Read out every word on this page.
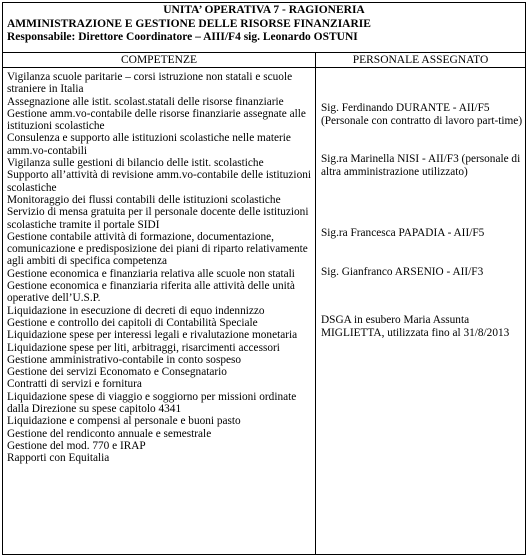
UNITA’ OPERATIVA 7 - RAGIONERIA
AMMINISTRAZIONE E GESTIONE DELLE RISORSE FINANZIARIE
Responsabile: Direttore Coordinatore – AIII/F4 sig. Leonardo OSTUNI
COMPETENZE	PERSONALE ASSEGNATO

Vigilanza scuole paritarie – corsi istruzione non statali e scuole straniere in Italia

Assegnazione alle istit. scolast.statali delle risorse finanziarie

Gestione amm.vo-contabile delle risorse finanziarie assegnate alle istituzioni scolastiche

Consulenza e supporto alle istituzioni scolastiche nelle materie amm.vo-contabili

Vigilanza sulle gestioni di bilancio delle istit. scolastiche

Supporto all’attività di revisione amm.vo-contabile delle istituzioni scolastiche

Monitoraggio dei flussi contabili delle istituzioni scolastiche

Servizio di mensa gratuita per il personale docente delle istituzioni scolastiche tramite il portale SIDI

Gestione contabile attività di formazione, documentazione, comunicazione e predisposizione dei piani di riparto relativamente agli ambiti di specifica competenza

Gestione economica e finanziaria relativa alle scuole non statali

Gestione economica e finanziaria riferita alle attività delle unità operative dell’U.S.P.

Liquidazione in esecuzione di decreti di equo indennizzo

Gestione e controllo dei capitoli di Contabilità Speciale

Liquidazione spese per interessi legali e rivalutazione monetaria

Liquidazione spese per liti, arbitraggi, risarcimenti accessori

Gestione amministrativo-contabile in conto sospeso

Gestione dei servizi Economato e Consegnatario

Contratti di servizi e fornitura

Liquidazione spese di viaggio e soggiorno per missioni ordinate dalla Direzione su spese capitolo 4341

Liquidazione e compensi al personale e buoni pasto

Gestione del rendiconto annuale e semestrale

Gestione del mod. 770 e IRAP

Rapporti con Equitalia

Sig. Ferdinando DURANTE - AII/F5 (Personale con contratto di lavoro part-time)

Sig.ra Marinella NISI - AII/F3 (personale di altra amministrazione utilizzato)

Sig.ra Francesca PAPADIA - AII/F5

Sig. Gianfranco ARSENIO - AII/F3

DSGA in esubero Maria Assunta MIGLIETTA, utilizzata fino al 31/8/2013
